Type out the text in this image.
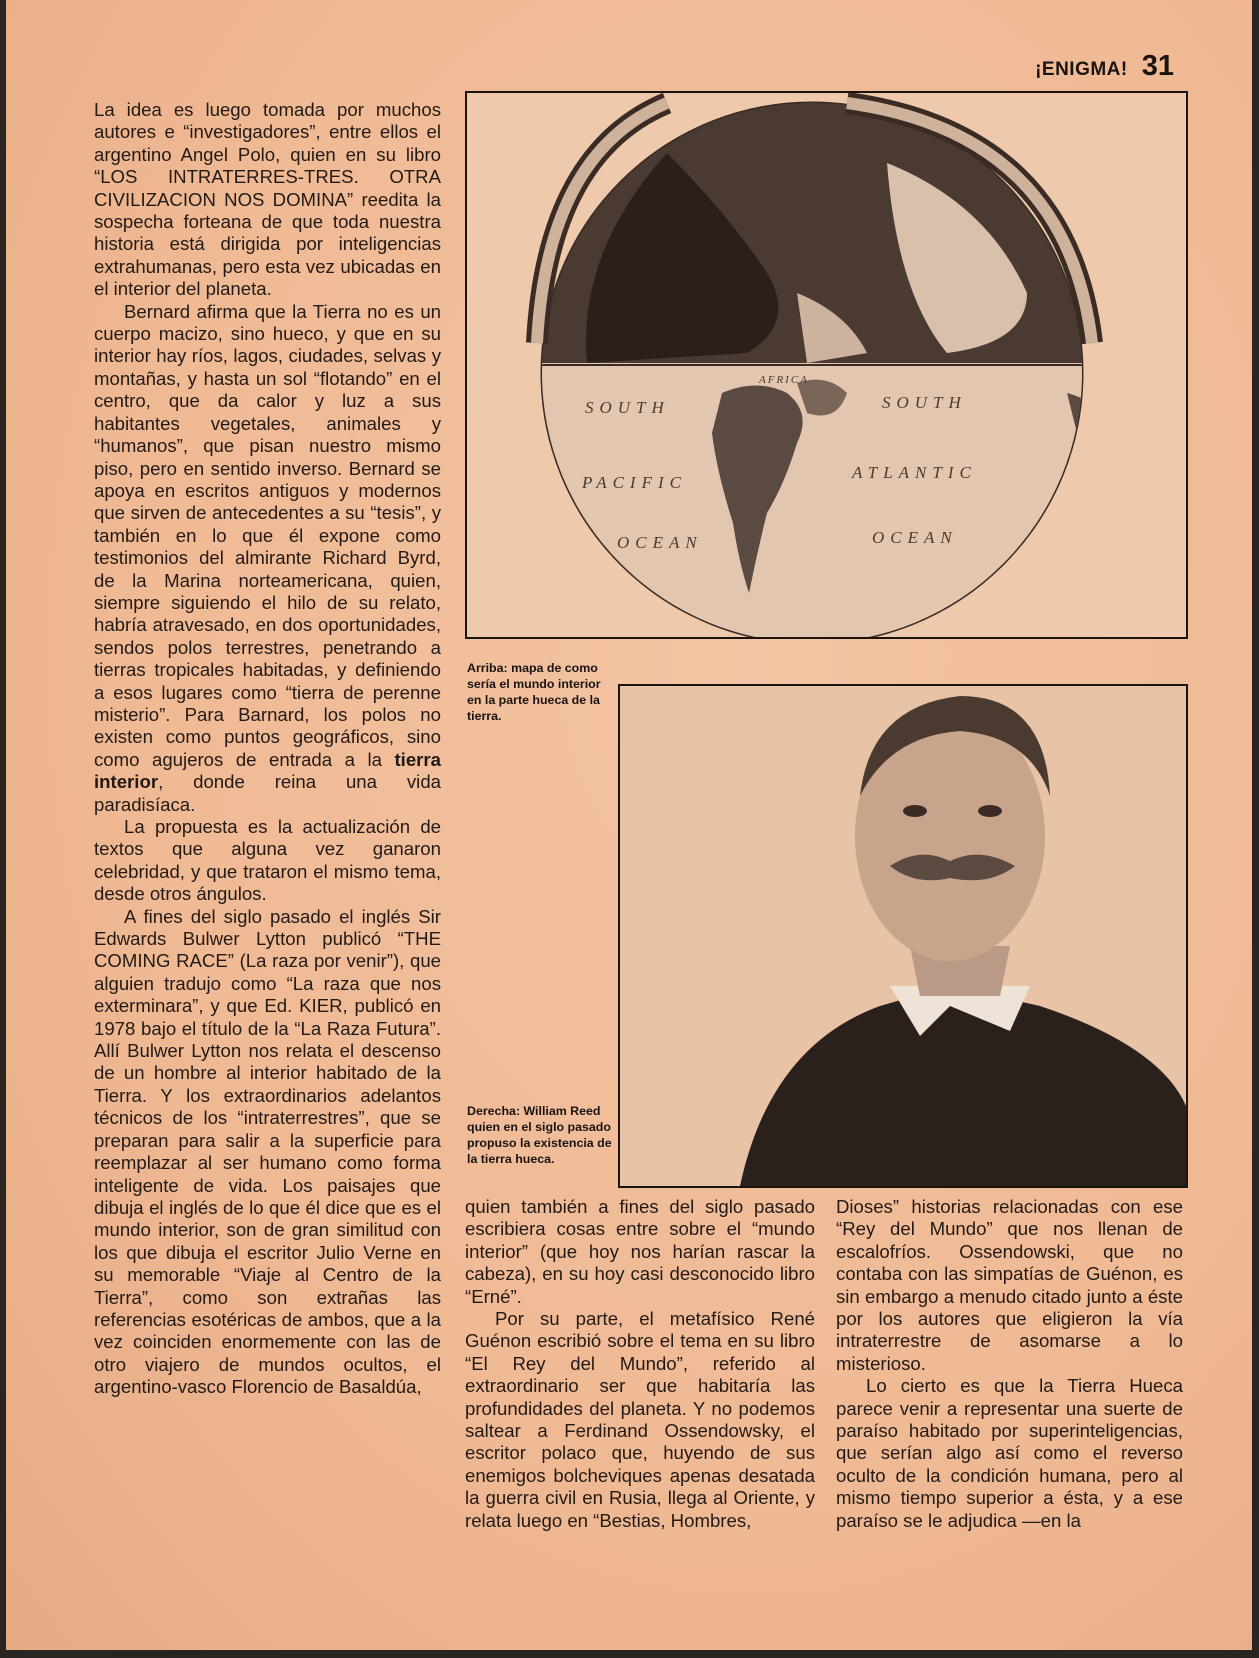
¡ENIGMA! 31

La idea es luego tomada por muchos autores e “investigadores”, entre ellos el argentino Angel Polo, quien en su libro “LOS INTRATERRES-TRES. OTRA CIVILIZACION NOS DOMINA” reedita la sospecha forteana de que toda nuestra historia está dirigida por inteligencias extrahumanas, pero esta vez ubicadas en el interior del planeta.

Bernard afirma que la Tierra no es un cuerpo macizo, sino hueco, y que en su interior hay ríos, lagos, ciudades, selvas y montañas, y hasta un sol “flotando” en el centro, que da calor y luz a sus habitantes vegetales, animales y “humanos”, que pisan nuestro mismo piso, pero en sentido inverso. Bernard se apoya en escritos antiguos y modernos que sirven de antecedentes a su “tesis”, y también en lo que él expone como testimonios del almirante Richard Byrd, de la Marina norteamericana, quien, siempre siguiendo el hilo de su relato, habría atravesado, en dos oportunidades, sendos polos terrestres, penetrando a tierras tropicales habitadas, y definiendo a esos lugares como “tierra de perenne misterio”. Para Barnard, los polos no existen como puntos geográficos, sino como agujeros de entrada a la tierra interior, donde reina una vida paradisíaca.

La propuesta es la actualización de textos que alguna vez ganaron celebridad, y que trataron el mismo tema, desde otros ángulos.

A fines del siglo pasado el inglés Sir Edwards Bulwer Lytton publicó “THE COMING RACE” (La raza por venir”), que alguien tradujo como “La raza que nos exterminara”, y que Ed. KIER, publicó en 1978 bajo el título de la “La Raza Futura”. Allí Bulwer Lytton nos relata el descenso de un hombre al interior habitado de la Tierra. Y los extraordinarios adelantos técnicos de los “intraterrestres”, que se preparan para salir a la superficie para reemplazar al ser humano como forma inteligente de vida. Los paisajes que dibuja el inglés de lo que él dice que es el mundo interior, son de gran similitud con los que dibuja el escritor Julio Verne en su memorable “Viaje al Centro de la Tierra”, como son extrañas las referencias esotéricas de ambos, que a la vez coinciden enormemente con las de otro viajero de mundos ocultos, el argentino-vasco Florencio de Basaldúa,

quien también a fines del siglo pasado escribiera cosas entre sobre el “mundo interior” (que hoy nos harían rascar la cabeza), en su hoy casi desconocido libro “Erné”.

Por su parte, el metafísico René Guénon escribió sobre el tema en su libro “El Rey del Mundo”, referido al extraordinario ser que habitaría las profundidades del planeta. Y no podemos saltear a Ferdinand Ossendowsky, el escritor polaco que, huyendo de sus enemigos bolcheviques apenas desatada la guerra civil en Rusia, llega al Oriente, y relata luego en “Bestias, Hombres,

Dioses” historias relacionadas con ese “Rey del Mundo” que nos llenan de escalofríos. Ossendowski, que no contaba con las simpatías de Guénon, es sin embargo a menudo citado junto a éste por los autores que eligieron la vía intraterrestre de asomarse a lo misterioso.

Lo cierto es que la Tierra Hueca parece venir a representar una suerte de paraíso habitado por superinteligencias, que serían algo así como el reverso oculto de la condición humana, pero al mismo tiempo superior a ésta, y a ese paraíso se le adjudica —en la

SOUTH
AFRICA
SOUTH
PACIFIC
ATLANTIC
OCEAN	OCEAN
Arriba: mapa de como sería el mundo interior en la parte hueca de la tierra.
Derecha: William Reed quien en el siglo pasado propuso la existencia de la tierra hueca.
